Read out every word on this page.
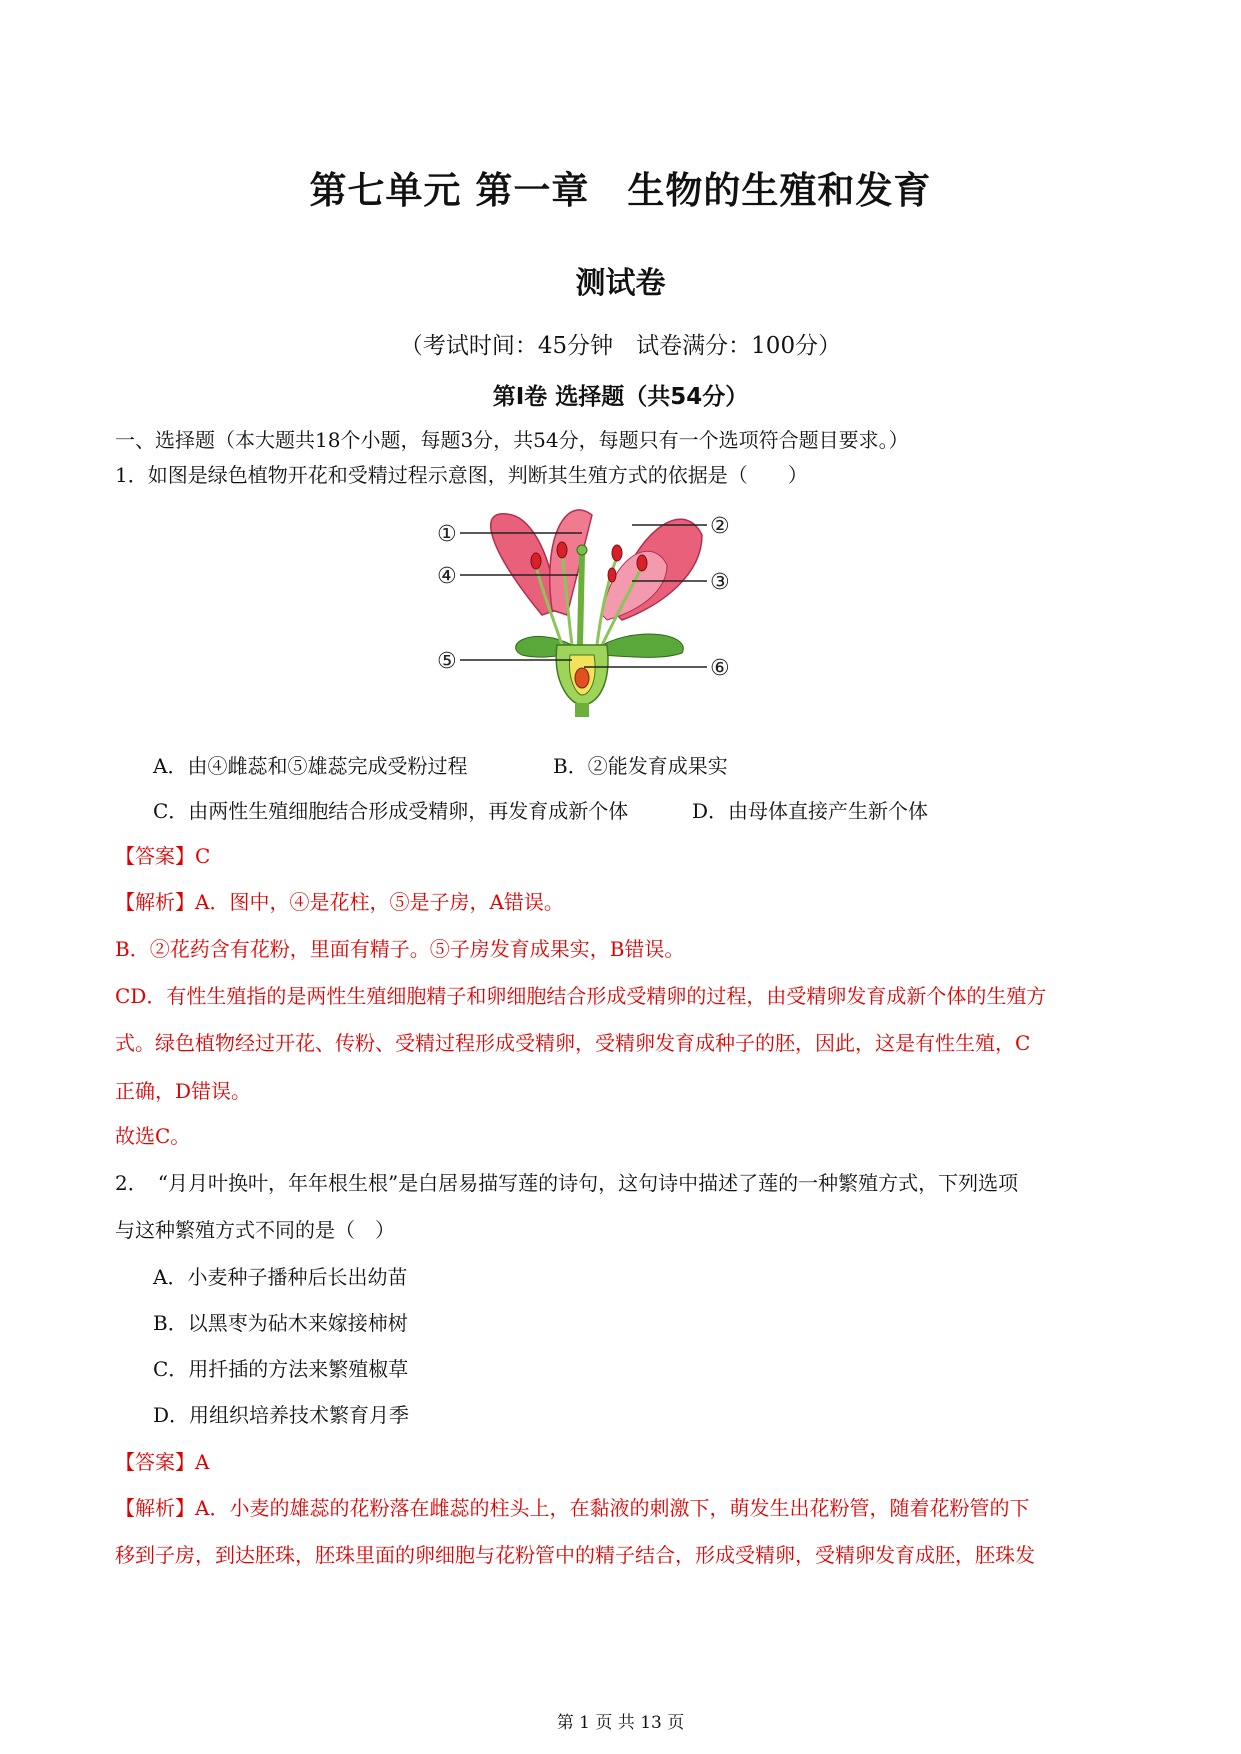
第七单元 第一章　生物的生殖和发育
测试卷
（考试时间：45分钟　试卷满分：100分）
第Ⅰ卷 选择题（共54分）
一、选择题（本大题共18个小题，每题3分，共54分，每题只有一个选项符合题目要求。）
1．如图是绿色植物开花和受精过程示意图，判断其生殖方式的依据是（　　）
①	②
③
④
⑤	⑥
A．由④雌蕊和⑤雄蕊完成受粉过程	B．②能发育成果实
C．由两性生殖细胞结合形成受精卵，再发育成新个体	D．由母体直接产生新个体
【答案】C
【解析】A．图中，④是花柱，⑤是子房，A错误。
B．②花药含有花粉，里面有精子。⑤子房发育成果实，B错误。
CD．有性生殖指的是两性生殖细胞精子和卵细胞结合形成受精卵的过程，由受精卵发育成新个体的生殖方
式。绿色植物经过开花、传粉、受精过程形成受精卵，受精卵发育成种子的胚，因此，这是有性生殖，C
正确，D错误。
故选C。
2．　“月月叶换叶，年年根生根”是白居易描写莲的诗句，这句诗中描述了莲的一种繁殖方式，下列选项
与这种繁殖方式不同的是（　）
A．小麦种子播种后长出幼苗
B．以黑枣为砧木来嫁接柿树
C．用扦插的方法来繁殖椒草
D．用组织培养技术繁育月季
【答案】A
【解析】A．小麦的雄蕊的花粉落在雌蕊的柱头上，在黏液的刺激下，萌发生出花粉管，随着花粉管的下
移到子房，到达胚珠，胚珠里面的卵细胞与花粉管中的精子结合，形成受精卵，受精卵发育成胚，胚珠发
第 1 页 共 13 页
